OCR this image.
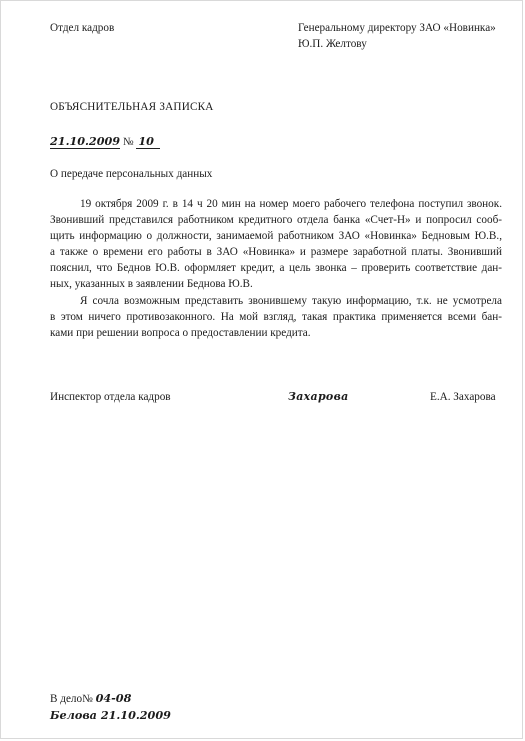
Отдел кадров	Генеральному директору ЗАО «Новинка»
Ю.П. Желтову
ОБЪЯСНИТЕЛЬНАЯ ЗАПИСКА
21.10.2009 № 10
О передаче персональных данных
19 октября 2009 г. в 14 ч 20 мин на номер моего рабочего телефона поступил звонок.
Звонивший представился работником кредитного отдела банка «Счет-Н» и попросил сооб-
щить информацию о должности, занимаемой работником ЗАО «Новинка» Бедновым Ю.В.,
а также о времени его работы в ЗАО «Новинка» и размере заработной платы. Звонивший
пояснил, что Беднов Ю.В. оформляет кредит, а цель звонка – проверить соответствие дан-
ных, указанных в заявлении Беднова Ю.В.
Я сочла возможным представить звонившему такую информацию, т.к. не усмотрела
в этом ничего противозаконного. На мой взгляд, такая практика применяется всеми бан-
ками при решении вопроса о предоставлении кредита.
Инспектор отдела кадров	Захарова	Е.А. Захарова
В дело№ 04-08
Белова 21.10.2009
